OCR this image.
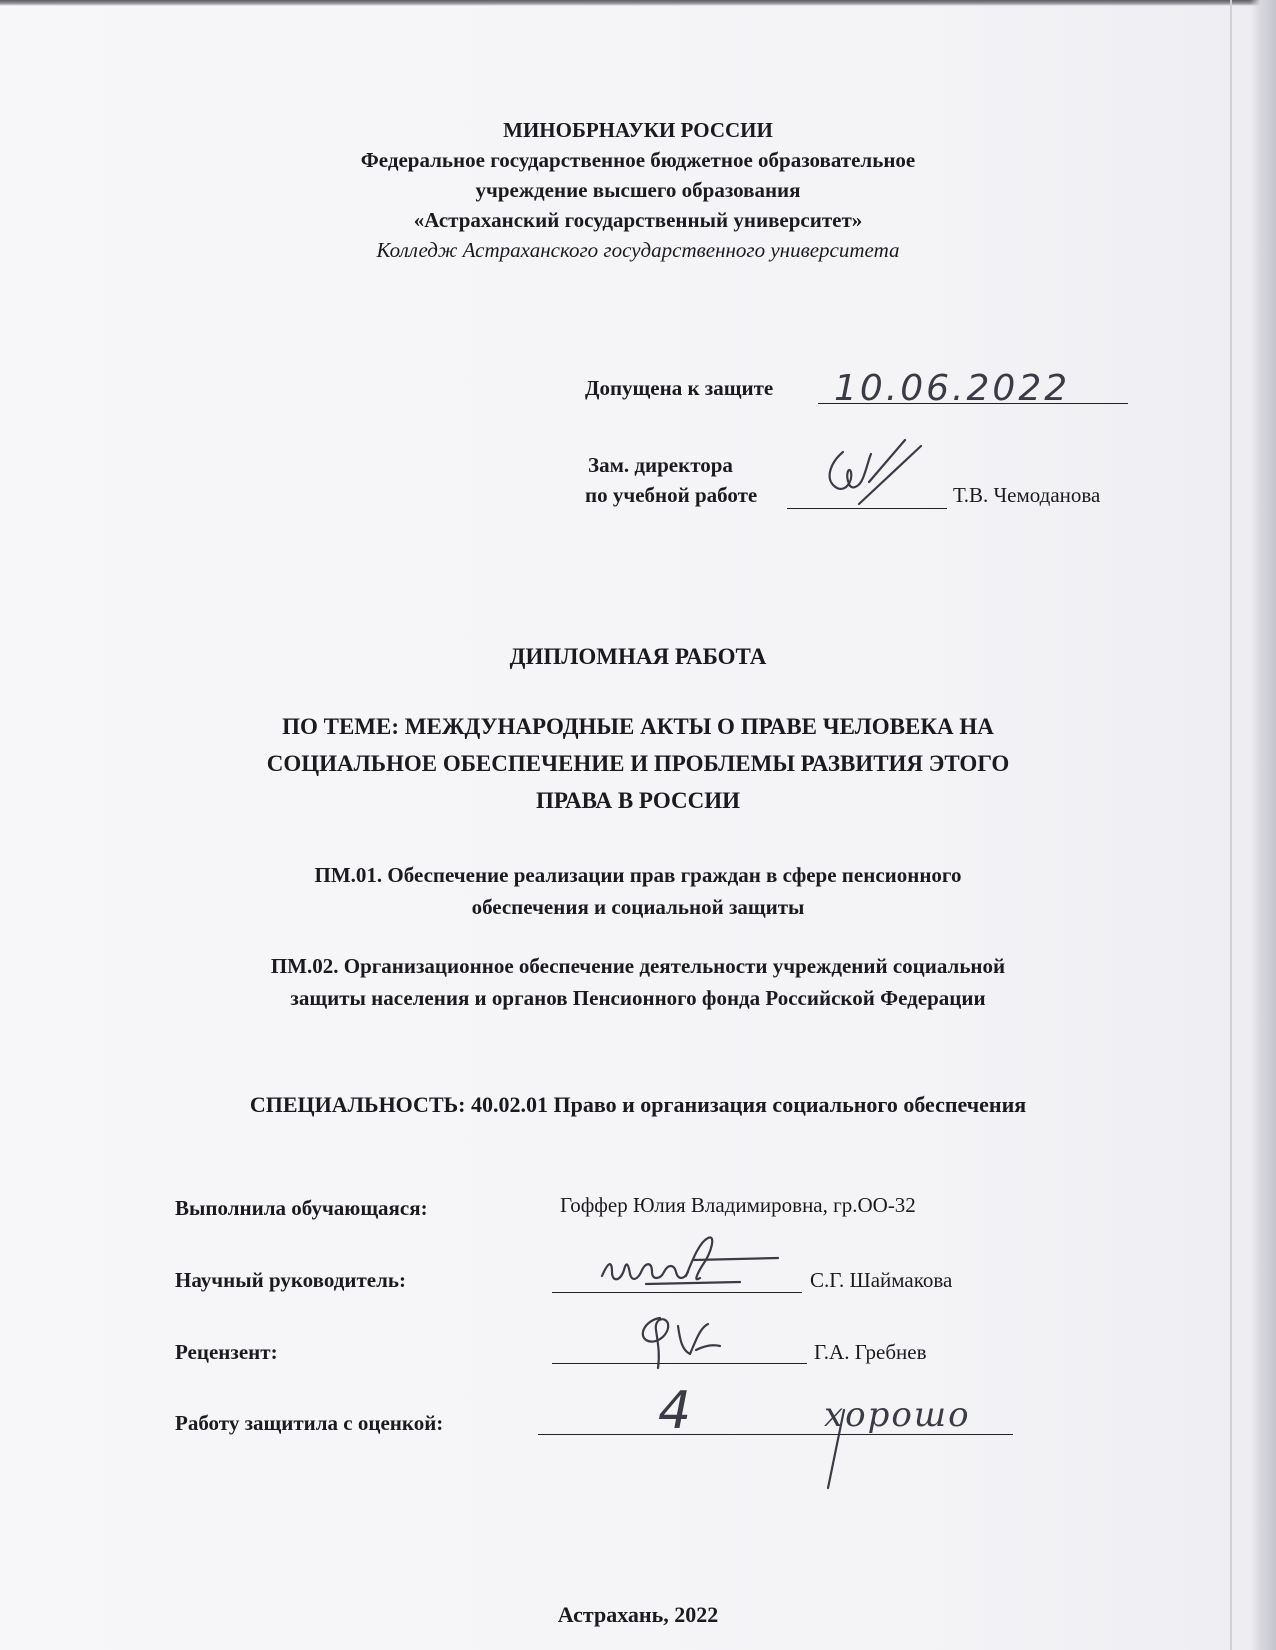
МИНОБРНАУКИ РОССИИ
Федеральное государственное бюджетное образовательное
учреждение высшего образования
«Астраханский государственный университет»
Колледж Астраханского государственного университета
Допущена к защите 10.06.2022
Зам. директора
по учебной работе	Т.В. Чемоданова
ДИПЛОМНАЯ РАБОТА
ПО ТЕМЕ: МЕЖДУНАРОДНЫЕ АКТЫ О ПРАВЕ ЧЕЛОВЕКА НА
СОЦИАЛЬНОЕ ОБЕСПЕЧЕНИЕ И ПРОБЛЕМЫ РАЗВИТИЯ ЭТОГО
ПРАВА В РОССИИ
ПМ.01. Обеспечение реализации прав граждан в сфере пенсионного
обеспечения и социальной защиты
ПМ.02. Организационное обеспечение деятельности учреждений социальной
защиты населения и органов Пенсионного фонда Российской Федерации
СПЕЦИАЛЬНОСТЬ: 40.02.01 Право и организация социального обеспечения
Выполнила обучающаяся:	Гоффер Юлия Владимировна, гр.ОО-32
Научный руководитель:	С.Г. Шаймакова
Рецензент:	Г.А. Гребнев
Работу защитила с оценкой:	4	хорошо
Астрахань, 2022
